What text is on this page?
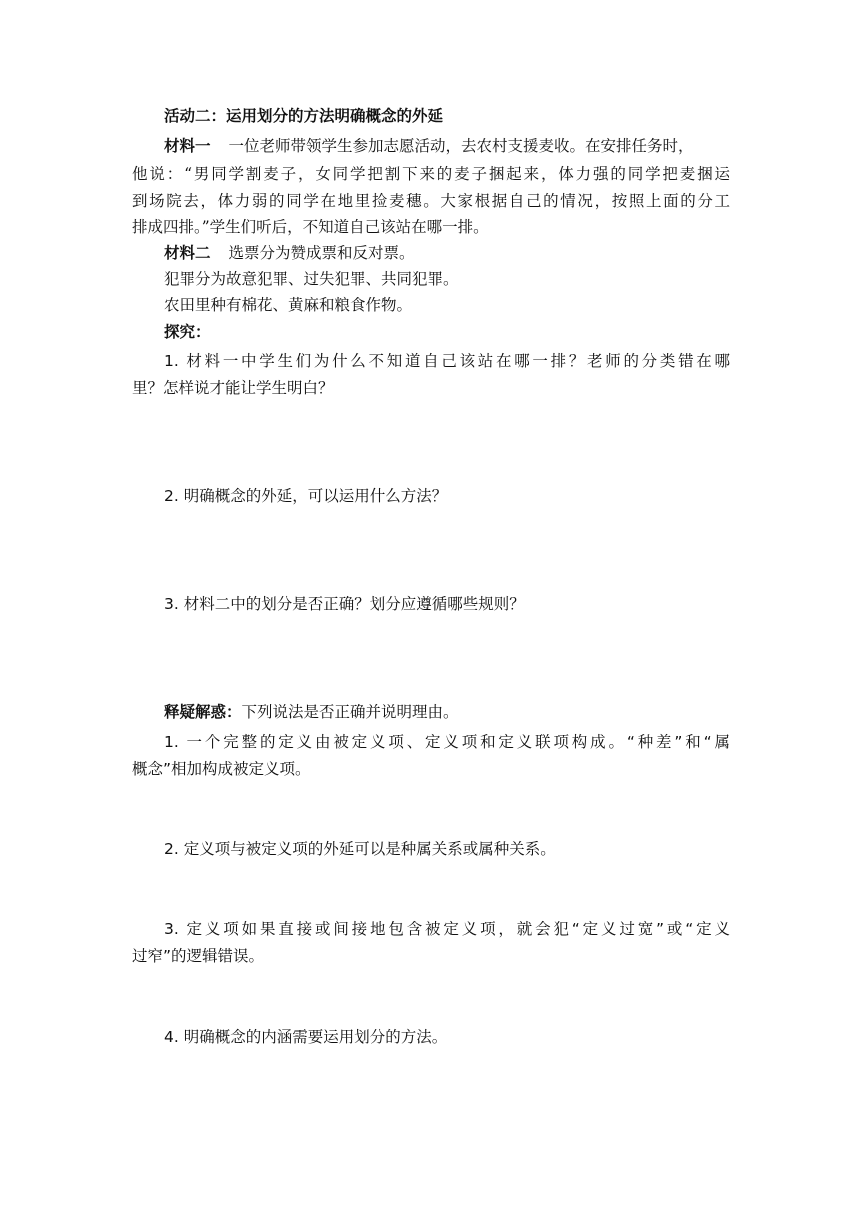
活动二：运用划分的方法明确概念的外延
材料一 一位老师带领学生参加志愿活动，去农村支援麦收。在安排任务时，
他说：“男同学割麦子，女同学把割下来的麦子捆起来，体力强的同学把麦捆运
到场院去，体力弱的同学在地里捡麦穗。大家根据自己的情况，按照上面的分工
排成四排。”学生们听后，不知道自己该站在哪一排。
材料二 选票分为赞成票和反对票。
犯罪分为故意犯罪、过失犯罪、共同犯罪。
农田里种有棉花、黄麻和粮食作物。
探究：
1. 材料一中学生们为什么不知道自己该站在哪一排？老师的分类错在哪
里？怎样说才能让学生明白？
2. 明确概念的外延，可以运用什么方法？
3. 材料二中的划分是否正确？划分应遵循哪些规则？
释疑解惑：下列说法是否正确并说明理由。
1. 一个完整的定义由被定义项、定义项和定义联项构成。“种差”和“属
概念”相加构成被定义项。
2. 定义项与被定义项的外延可以是种属关系或属种关系。
3. 定义项如果直接或间接地包含被定义项，就会犯“定义过宽”或“定义
过窄”的逻辑错误。
4. 明确概念的内涵需要运用划分的方法。
